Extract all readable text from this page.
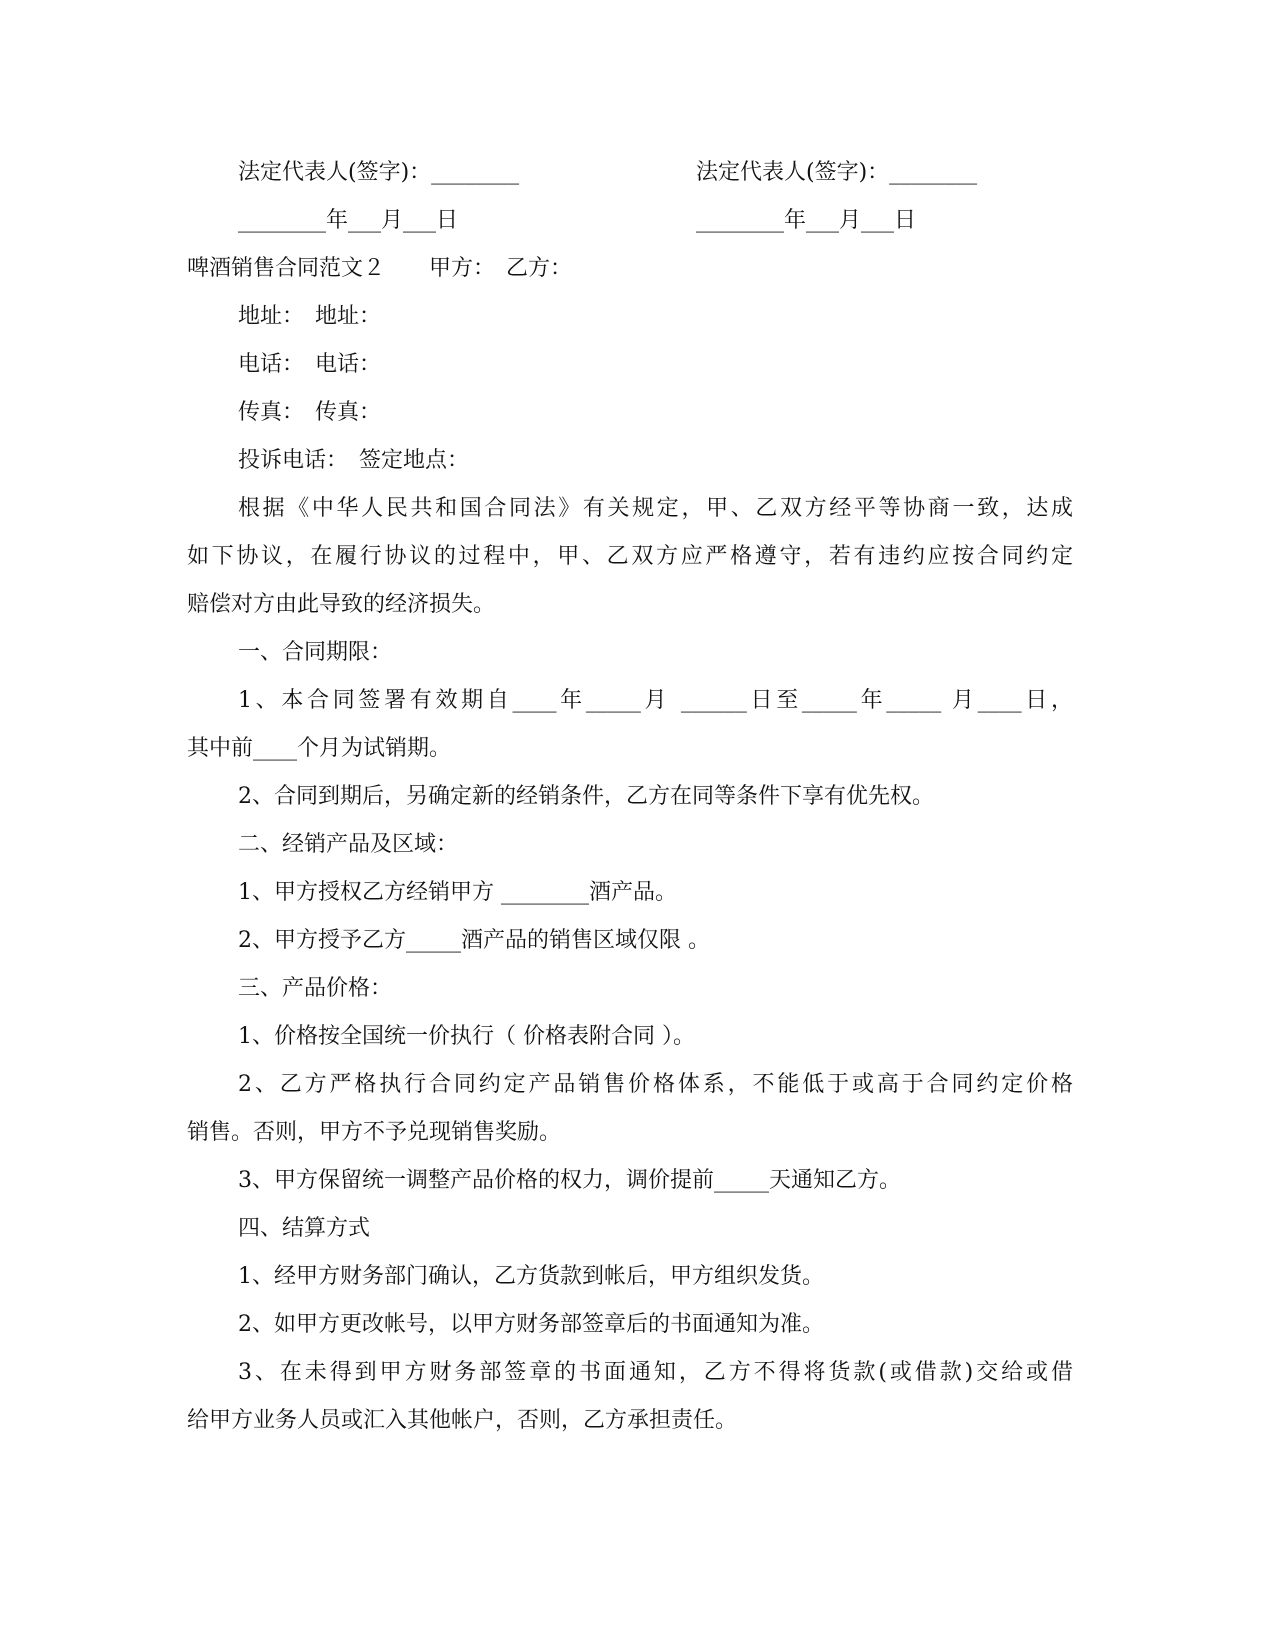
法定代表人(签字)：________	法定代表人(签字)：________

________年___月___日	________年___月___日

啤酒销售合同范文２　　甲方：　乙方：

地址：　地址：

电话：　电话：

传真：　传真：

投诉电话：　签定地点：

根据《中华人民共和国合同法》有关规定，甲、乙双方经平等协商一致，达成

如下协议，在履行协议的过程中，甲、乙双方应严格遵守，若有违约应按合同约定

赔偿对方由此导致的经济损失。

一、合同期限：

1、本合同签署有效期自____年_____月 ______日至_____年_____ 月____日，

其中前____个月为试销期。

2、合同到期后，另确定新的经销条件，乙方在同等条件下享有优先权。

二、经销产品及区域：

1、甲方授权乙方经销甲方 ________酒产品。

2、甲方授予乙方_____酒产品的销售区域仅限 。

三、产品价格：

1、价格按全国统一价执行（ 价格表附合同 ）。

2、乙方严格执行合同约定产品销售价格体系，不能低于或高于合同约定价格

销售。否则，甲方不予兑现销售奖励。

3、甲方保留统一调整产品价格的权力，调价提前_____天通知乙方。

四、结算方式

1、经甲方财务部门确认，乙方货款到帐后，甲方组织发货。

2、如甲方更改帐号，以甲方财务部签章后的书面通知为准。

3、在未得到甲方财务部签章的书面通知，乙方不得将货款(或借款)交给或借

给甲方业务人员或汇入其他帐户，否则，乙方承担责任。
